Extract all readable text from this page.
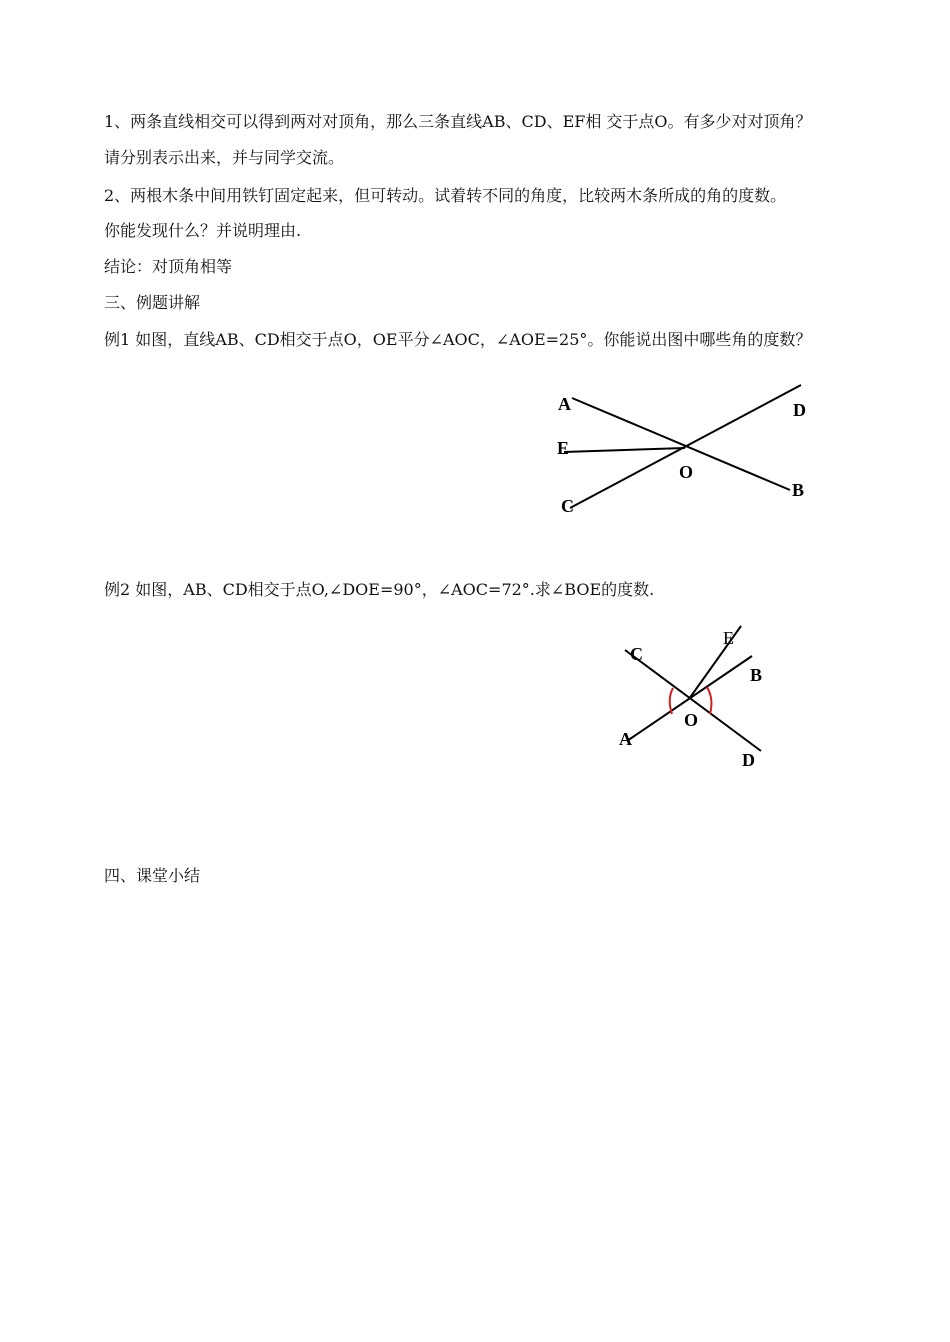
1、两条直线相交可以得到两对对顶角，那么三条直线AB、CD、EF相 交于点O。有多少对对顶角？
请分别表示出来，并与同学交流。
2、两根木条中间用铁钉固定起来，但可转动。试着转不同的角度，比较两木条所成的角的度数。
你能发现什么？并说明理由.
结论：对顶角相等
三、例题讲解
例1 如图，直线AB、CD相交于点O，OE平分∠AOC，∠AOE=25°。你能说出图中哪些角的度数？
A	D
E
O
C
B
例2 如图，AB、CD相交于点O,∠DOE=90°，∠AOC=72°.求∠BOE的度数.
C
E
B
O
A
D
四、课堂小结
